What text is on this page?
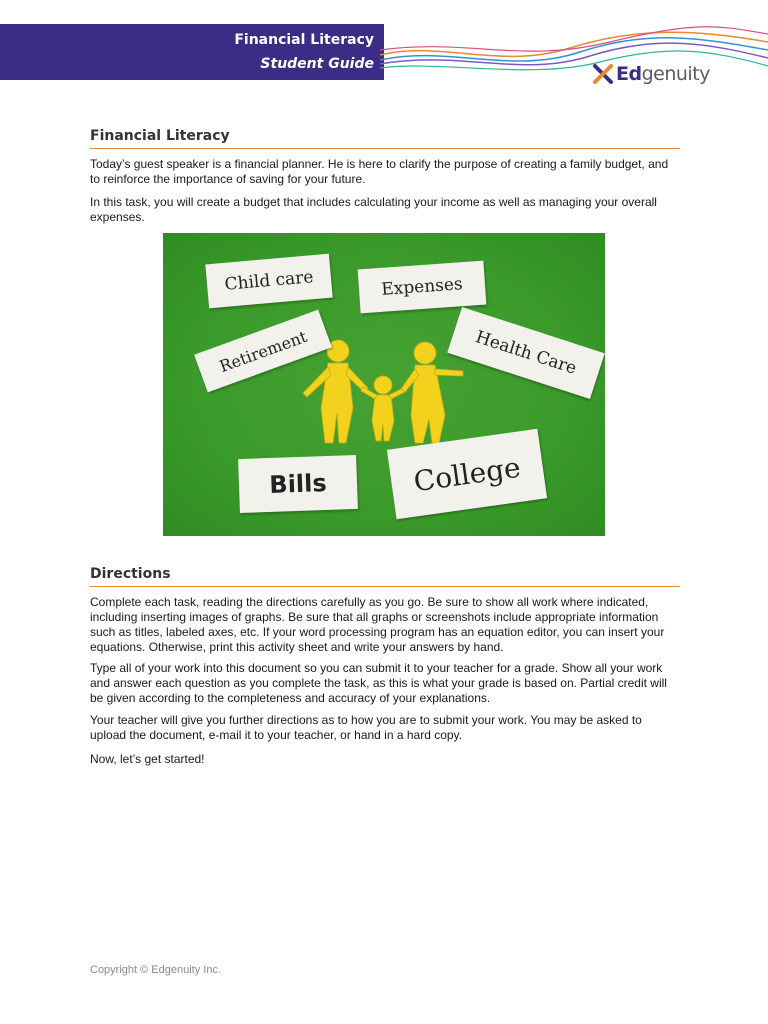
Financial Literacy
Student Guide	Edgenuity
Financial Literacy

Today’s guest speaker is a financial planner. He is here to clarify the purpose of creating a family budget, and to reinforce the importance of saving for your future.

In this task, you will create a budget that includes calculating your income as well as managing your overall expenses.

Child care	Expenses
Retirement	Health Care
Bills	College
Directions

Complete each task, reading the directions carefully as you go. Be sure to show all work where indicated, including inserting images of graphs. Be sure that all graphs or screenshots include appropriate information such as titles, labeled axes, etc. If your word processing program has an equation editor, you can insert your equations. Otherwise, print this activity sheet and write your answers by hand.

Type all of your work into this document so you can submit it to your teacher for a grade. Show all your work and answer each question as you complete the task, as this is what your grade is based on. Partial credit will be given according to the completeness and accuracy of your explanations.

Your teacher will give you further directions as to how you are to submit your work. You may be asked to upload the document, e-mail it to your teacher, or hand in a hard copy.

Now, let’s get started!

Copyright © Edgenuity Inc.
